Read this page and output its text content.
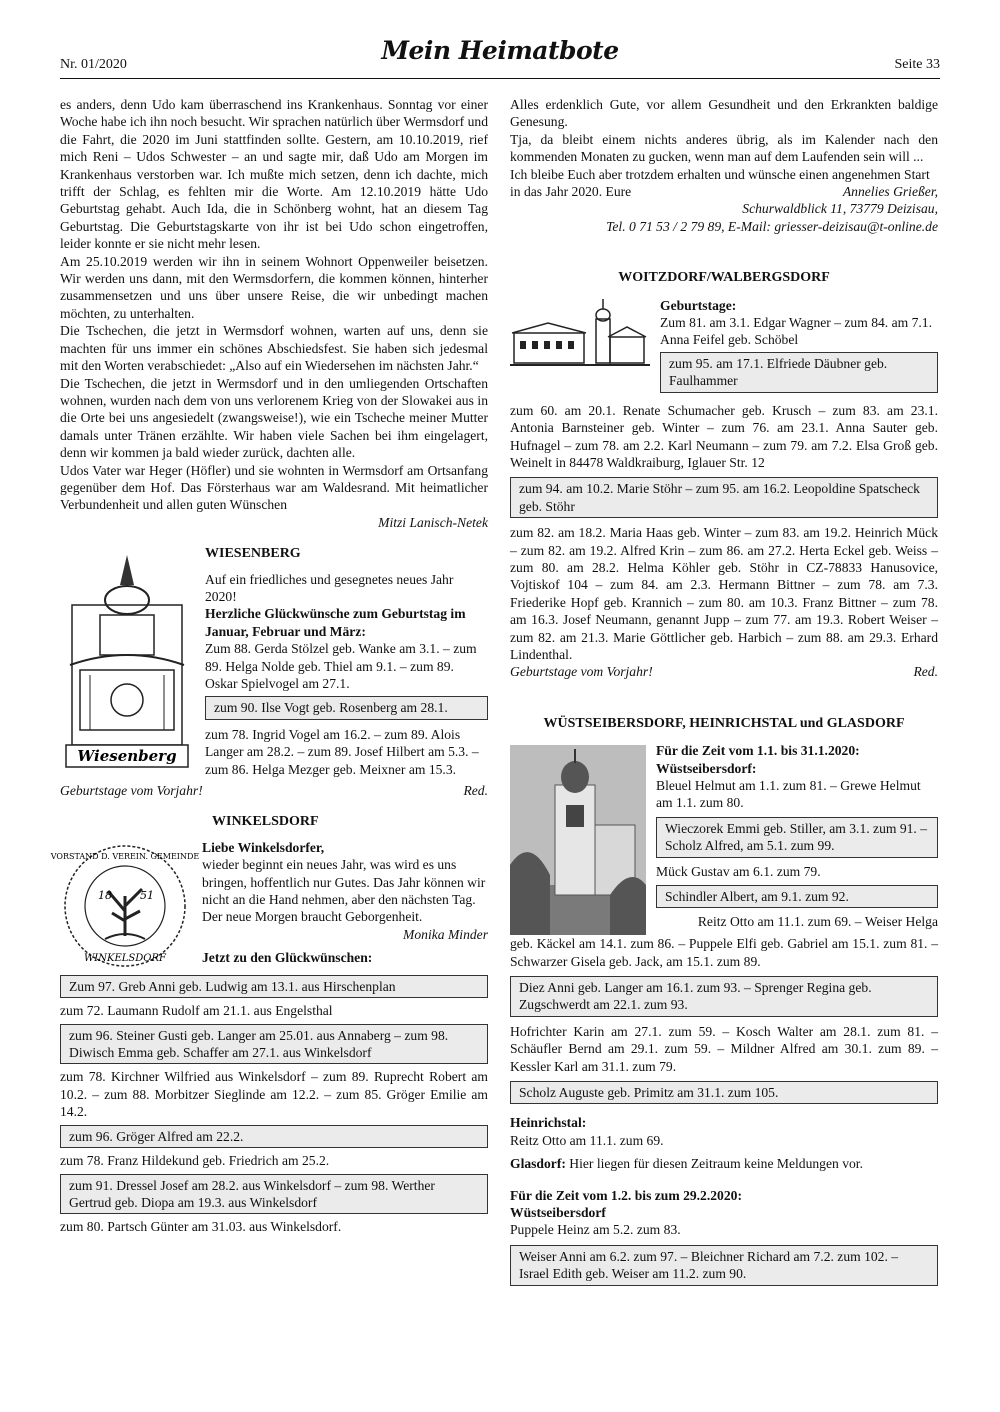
Nr. 01/2020	Mein Heimatbote	Seite 33

es anders, denn Udo kam überraschend ins Krankenhaus. Sonntag vor einer Woche habe ich ihn noch besucht. Wir sprachen natürlich über Wermsdorf und die Fahrt, die 2020 im Juni stattfinden sollte. Gestern, am 10.10.2019, rief mich Reni – Udos Schwester – an und sagte mir, daß Udo am Morgen im Krankenhaus verstorben war. Ich mußte mich setzen, denn ich dachte, mich trifft der Schlag, es fehlten mir die Worte. Am 12.10.2019 hätte Udo Geburtstag gehabt. Auch Ida, die in Schönberg wohnt, hat an diesem Tag Geburtstag. Die Geburtstagskarte von ihr ist bei Udo schon eingetroffen, leider konnte er sie nicht mehr lesen.

Am 25.10.2019 werden wir ihn in seinem Wohnort Oppenweiler beisetzen. Wir werden uns dann, mit den Wermsdorfern, die kommen können, hinterher zusammensetzen und uns über unsere Reise, die wir unbedingt machen möchten, zu unterhalten.

Die Tschechen, die jetzt in Wermsdorf wohnen, warten auf uns, denn sie machten für uns immer ein schönes Abschiedsfest. Sie haben sich jedesmal mit den Worten verabschiedet: „Also auf ein Wiedersehen im nächsten Jahr.“

Die Tschechen, die jetzt in Wermsdorf und in den umliegenden Ortschaften wohnen, wurden nach dem von uns verlorenem Krieg von der Slowakei aus in die Orte bei uns angesiedelt (zwangsweise!), wie ein Tscheche meiner Mutter damals unter Tränen erzählte. Wir haben viele Sachen bei ihm eingelagert, denn wir kommen ja bald wieder zurück, dachten alle.

Udos Vater war Heger (Höfler) und sie wohnten in Wermsdorf am Ortsanfang gegenüber dem Hof. Das Försterhaus war am Waldesrand. Mit heimatlicher Verbundenheit und allen guten Wünschen

Mitzi Lanisch-Netek

Wiesenberg

WIESENBERG

Auf ein friedliches und gesegnetes neues Jahr 2020!

Herzliche Glückwünsche zum Geburtstag im Januar, Februar und März:

Zum 88. Gerda Stölzel geb. Wanke am 3.1. – zum 89. Helga Nolde geb. Thiel am 9.1. – zum 89. Oskar Spielvogel am 27.1.

zum 90. Ilse Vogt geb. Rosenberg am 28.1.

zum 78. Ingrid Vogel am 16.2. – zum 89. Alois Langer am 28.2. – zum 89. Josef Hilbert am 5.3. – zum 86. Helga Mezger geb. Meixner am 15.3.

Geburtstage vom Vorjahr!	Red.

WINKELSDORF

18	51
VORSTAND D. VEREIN. GEMEINDE
WINKELSDORF

Liebe Winkelsdorfer,

wieder beginnt ein neues Jahr, was wird es uns bringen, hoffentlich nur Gutes. Das Jahr können wir nicht an die Hand nehmen, aber den nächsten Tag. Der neue Morgen braucht Geborgenheit.

Monika Minder

Jetzt zu den Glückwünschen:

Zum 97. Greb Anni geb. Ludwig am 13.1. aus Hirschenplan

zum 72. Laumann Rudolf am 21.1. aus Engelsthal

zum 96. Steiner Gusti geb. Langer am 25.01. aus Annaberg – zum 98. Diwisch Emma geb. Schaffer am 27.1. aus Winkelsdorf

zum 78. Kirchner Wilfried aus Winkelsdorf – zum 89. Ruprecht Robert am 10.2. – zum 88. Morbitzer Sieglinde am 12.2. – zum 85. Gröger Emilie am 14.2.

zum 96. Gröger Alfred am 22.2.

zum 78. Franz Hildekund geb. Friedrich am 25.2.

zum 91. Dressel Josef am 28.2. aus Winkelsdorf – zum 98. Werther Gertrud geb. Diopa am 19.3. aus Winkelsdorf

zum 80. Partsch Günter am 31.03. aus Winkelsdorf.

Alles erdenklich Gute, vor allem Gesundheit und den Erkrankten baldige Genesung.

Tja, da bleibt einem nichts anderes übrig, als im Kalender nach den kommenden Monaten zu gucken, wenn man auf dem Laufenden sein will ...

Ich bleibe Euch aber trotzdem erhalten und wünsche einen angenehmen Start in das Jahr 2020. Eure	Annelies Grießer,

Schurwaldblick 11, 73779 Deizisau,

Tel. 0 71 53 / 2 79 89, E-Mail: griesser-deizisau@t-online.de

WOITZDORF/WALBERGSDORF

Geburtstage:

Zum 81. am 3.1. Edgar Wagner – zum 84. am 7.1. Anna Feifel geb. Schöbel

zum 95. am 17.1. Elfriede Däubner geb. Faulhammer

zum 60. am 20.1. Renate Schumacher geb. Krusch – zum 83. am 23.1. Antonia Barnsteiner geb. Winter – zum 76. am 23.1. Anna Sauter geb. Hufnagel – zum 78. am 2.2. Karl Neumann – zum 79. am 7.2. Elsa Groß geb. Weinelt in 84478 Waldkraiburg, Iglauer Str. 12

zum 94. am 10.2. Marie Stöhr – zum 95. am 16.2. Leopoldine Spatscheck geb. Stöhr

zum 82. am 18.2. Maria Haas geb. Winter – zum 83. am 19.2. Heinrich Mück – zum 82. am 19.2. Alfred Krin – zum 86. am 27.2. Herta Eckel geb. Weiss – zum 80. am 28.2. Helma Köhler geb. Stöhr in CZ-78833 Hanusovice, Vojtiskof 104 – zum 84. am 2.3. Hermann Bittner – zum 78. am 7.3. Friederike Hopf geb. Krannich – zum 80. am 10.3. Franz Bittner – zum 78. am 16.3. Josef Neumann, genannt Jupp – zum 77. am 19.3. Robert Weiser – zum 82. am 21.3. Marie Göttlicher geb. Harbich – zum 88. am 29.3. Erhard Lindenthal.

Geburtstage vom Vorjahr!	Red.

WÜSTSEIBERSDORF, HEINRICHSTAL und GLASDORF

Für die Zeit vom 1.1. bis 31.1.2020:

Wüstseibersdorf:

Bleuel Helmut am 1.1. zum 81. – Grewe Helmut am 1.1. zum 80.

Wieczorek Emmi geb. Stiller, am 3.1. zum 91. – Scholz Alfred, am 5.1. zum 99.

Mück Gustav am 6.1. zum 79.

Schindler Albert, am 9.1. zum 92.

Reitz Otto am 11.1. zum 69. – Weiser Helga

geb. Käckel am 14.1. zum 86. – Puppele Elfi geb. Gabriel am 15.1. zum 81. – Schwarzer Gisela geb. Jack, am 15.1. zum 89.

Diez Anni geb. Langer am 16.1. zum 93. – Sprenger Regina geb. Zugschwerdt am 22.1. zum 93.

Hofrichter Karin am 27.1. zum 59. – Kosch Walter am 28.1. zum 81. – Schäufler Bernd am 29.1. zum 59. – Mildner Alfred am 30.1. zum 89. – Kessler Karl am 31.1. zum 79.

Scholz Auguste geb. Primitz am 31.1. zum 105.

Heinrichstal:

Reitz Otto am 11.1. zum 69.

Glasdorf: Hier liegen für diesen Zeitraum keine Meldungen vor.

Für die Zeit vom 1.2. bis zum 29.2.2020:

Wüstseibersdorf

Puppele Heinz am 5.2. zum 83.

Weiser Anni am 6.2. zum 97. – Bleichner Richard am 7.2. zum 102. – Israel Edith geb. Weiser am 11.2. zum 90.
